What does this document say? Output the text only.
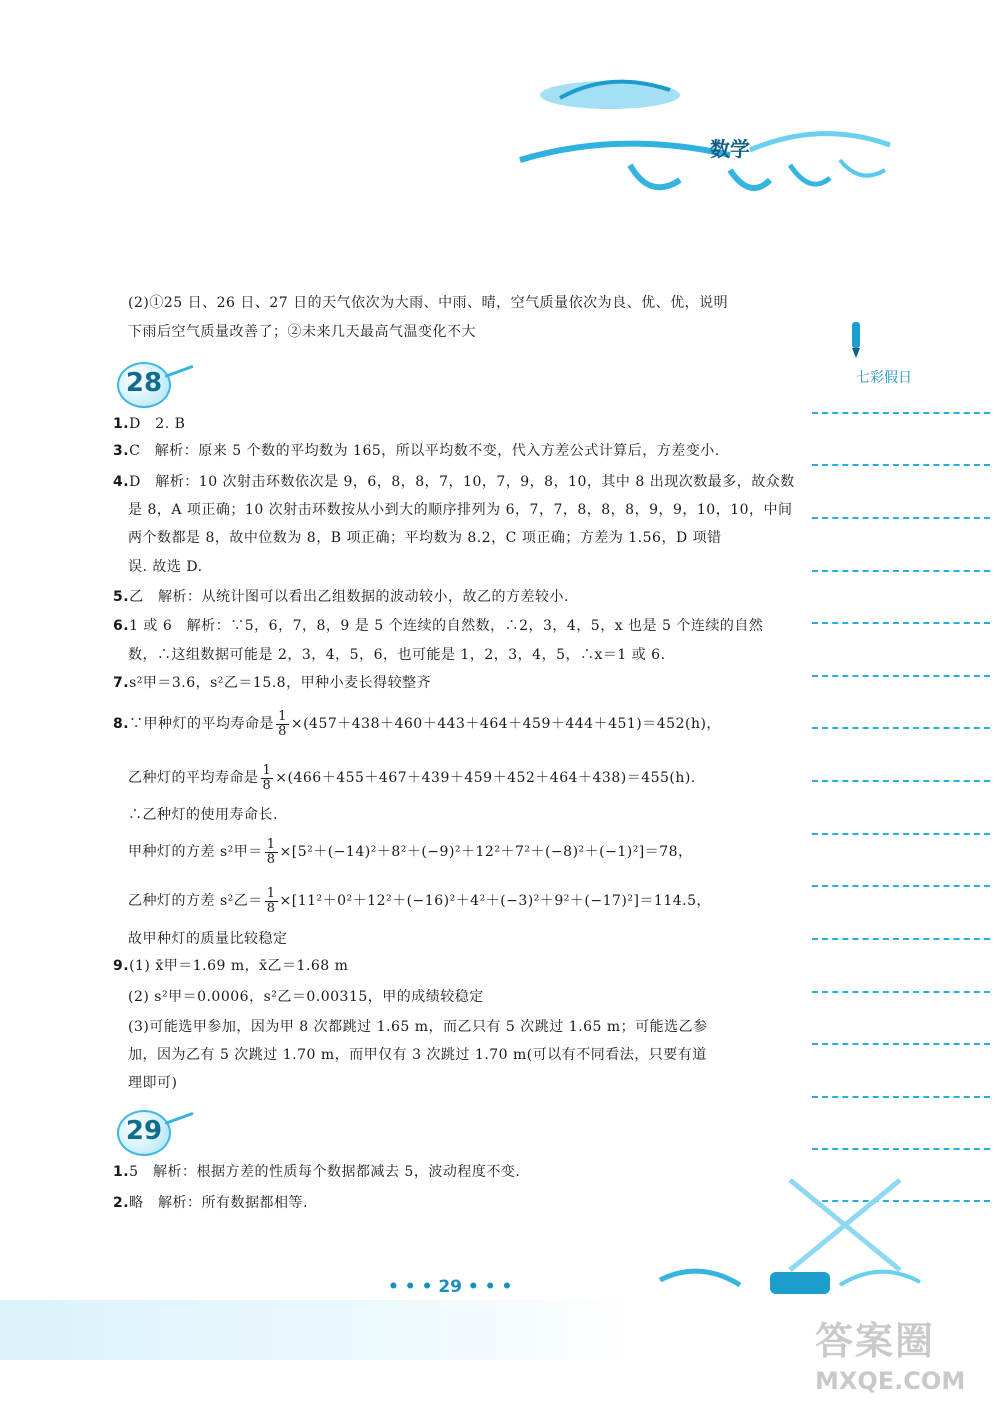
数学
七彩假日
(2)①25 日、26 日、27 日的天气依次为大雨、中雨、晴，空气质量依次为良、优、优，说明
下雨后空气质量改善了；②未来几天最高气温变化不大
28
1.D　2. B
3.C　解析：原来 5 个数的平均数为 165，所以平均数不变，代入方差公式计算后，方差变小.
4.D　解析：10 次射击环数依次是 9，6，8，8，7，10，7，9，8，10，其中 8 出现次数最多，故众数
是 8，A 项正确；10 次射击环数按从小到大的顺序排列为 6，7，7，8，8，8，9，9，10，10，中间
两个数都是 8，故中位数为 8，B 项正确；平均数为 8.2，C 项正确；方差为 1.56，D 项错
误. 故选 D.
5.乙　解析：从统计图可以看出乙组数据的波动较小，故乙的方差较小.
6.1 或 6　解析：∵5，6，7，8，9 是 5 个连续的自然数，∴2，3，4，5，x 也是 5 个连续的自然
数，∴这组数据可能是 2，3，4，5，6，也可能是 1，2，3，4，5，∴x＝1 或 6.
7.s²甲＝3.6，s²乙＝15.8，甲种小麦长得较整齐
8.∵甲种灯的平均寿命是 $\frac{1}{8} \times(457+438+460+443+464+459+444+451)=452(h)$，
乙种灯的平均寿命是 $\frac{1}{8} \times(466+455+467+439+459+452+464+438)=455(h)$.
∴乙种灯的使用寿命长.
甲种灯的方差 s²甲＝ $\frac{1}{8} \times[5^2+(-14)^2+8^2+(-9)^2+12^2+7^2+(-8)^2+(-1)^2]=78$，
乙种灯的方差 s²乙＝ $\frac{1}{8} \times[11^2+0^2+12^2+(-16)^2+4^2+(-3)^2+9^2+(-17)^2]=114.5$，
故甲种灯的质量比较稳定
9.(1) x̄甲＝1.69 m，x̄乙＝1.68 m
(2) s²甲＝0.0006，s²乙＝0.00315，甲的成绩较稳定
(3)可能选甲参加，因为甲 8 次都跳过 1.65 m，而乙只有 5 次跳过 1.65 m；可能选乙参
加，因为乙有 5 次跳过 1.70 m，而甲仅有 3 次跳过 1.70 m(可以有不同看法，只要有道
理即可)
29
1.5　解析：根据方差的性质每个数据都减去 5，波动程度不变.
2.略　解析：所有数据都相等.
• • • 29 • • •
答案圈
MXQE.COM
